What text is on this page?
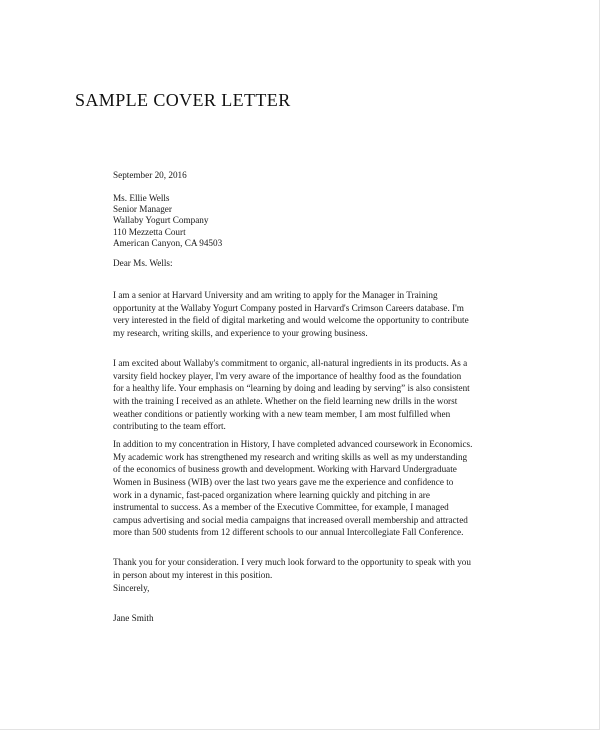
SAMPLE COVER LETTER
September 20, 2016
Ms. Ellie Wells
Senior Manager
Wallaby Yogurt Company
110 Mezzetta Court
American Canyon, CA 94503
Dear Ms. Wells:

I am a senior at Harvard University and am writing to apply for the Manager in Training opportunity at the Wallaby Yogurt Company posted in Harvard's Crimson Careers database. I'm very interested in the field of digital marketing and would welcome the opportunity to contribute my research, writing skills, and experience to your growing business.

I am excited about Wallaby's commitment to organic, all-natural ingredients in its products. As a varsity field hockey player, I'm very aware of the importance of healthy food as the foundation for a healthy life. Your emphasis on “learning by doing and leading by serving” is also consistent with the training I received as an athlete. Whether on the field learning new drills in the worst weather conditions or patiently working with a new team member, I am most fulfilled when contributing to the team effort.

In addition to my concentration in History, I have completed advanced coursework in Economics. My academic work has strengthened my research and writing skills as well as my understanding of the economics of business growth and development. Working with Harvard Undergraduate Women in Business (WIB) over the last two years gave me the experience and confidence to work in a dynamic, fast-paced organization where learning quickly and pitching in are instrumental to success. As a member of the Executive Committee, for example, I managed campus advertising and social media campaigns that increased overall membership and attracted more than 500 students from 12 different schools to our annual Intercollegiate Fall Conference.

Thank you for your consideration. I very much look forward to the opportunity to speak with you in person about my interest in this position.

Sincerely,
Jane Smith
